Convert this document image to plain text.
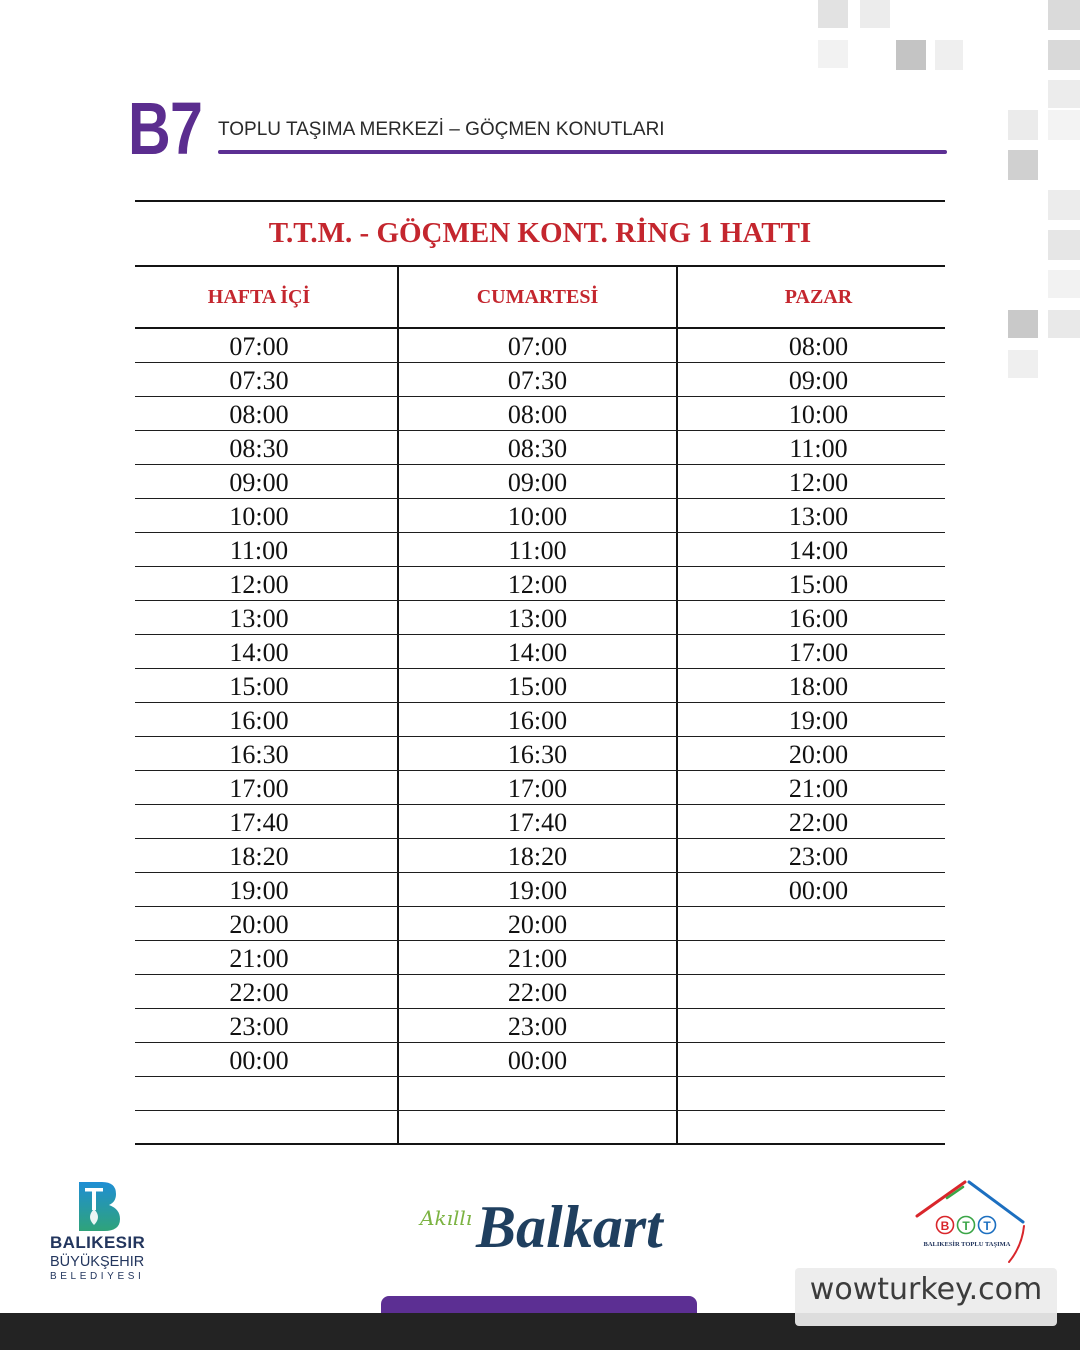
B7 TOPLU TAŞIMA MERKEZİ – GÖÇMEN KONUTLARI
T.T.M. - GÖÇMEN KONT. RİNG 1 HATTI
HAFTA İÇİ	CUMARTESİ	PAZAR
07:00	07:00	08:00
07:30	07:30	09:00
08:00	08:00	10:00
08:30	08:30	11:00
09:00	09:00	12:00
10:00	10:00	13:00
11:00	11:00	14:00
12:00	12:00	15:00
13:00	13:00	16:00
14:00	14:00	17:00
15:00	15:00	18:00
16:00	16:00	19:00
16:30	16:30	20:00
17:00	17:00	21:00
17:40	17:40	22:00
18:20	18:20	23:00
19:00	19:00	00:00
20:00	20:00
21:00	21:00
22:00	22:00
23:00	23:00
00:00	00:00
BALIKESIR
BÜYÜKŞEHIR
BELEDIYESI
Akıllı Balkart	B T T
BALIKESİR TOPLU TAŞIMA
wowturkey.com
